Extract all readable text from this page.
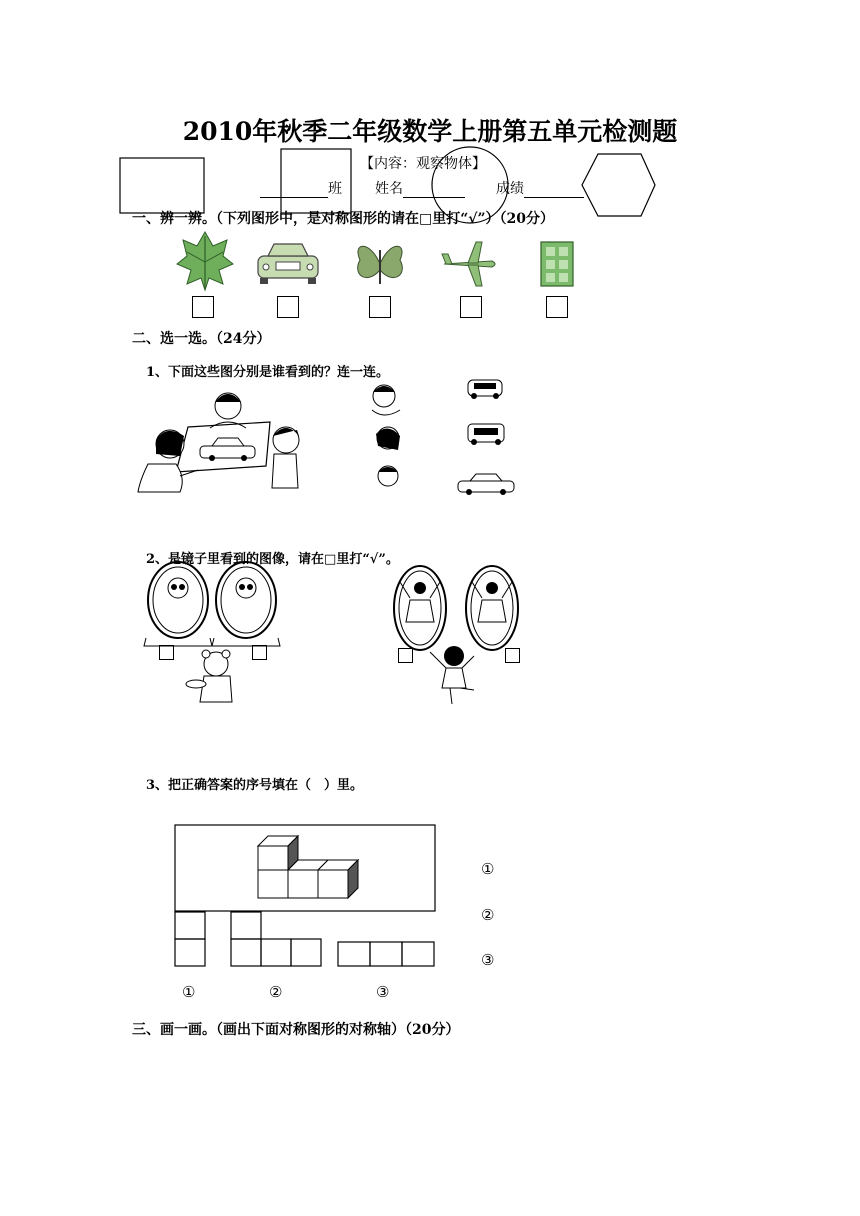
2010年秋季二年级数学上册第五单元检测题
【内容：观察物体】
班 姓名	成绩
一、辨一辨。（下列图形中，是对称图形的请在□里打“√”）（20分）
二、选一选。（24分）
1、下面这些图分别是谁看到的？连一连。
2、是镜子里看到的图像，请在□里打“√”。
3、把正确答案的序号填在（　）里。
①
②
③
①	②	③
三、画一画。（画出下面对称图形的对称轴）（20分）
